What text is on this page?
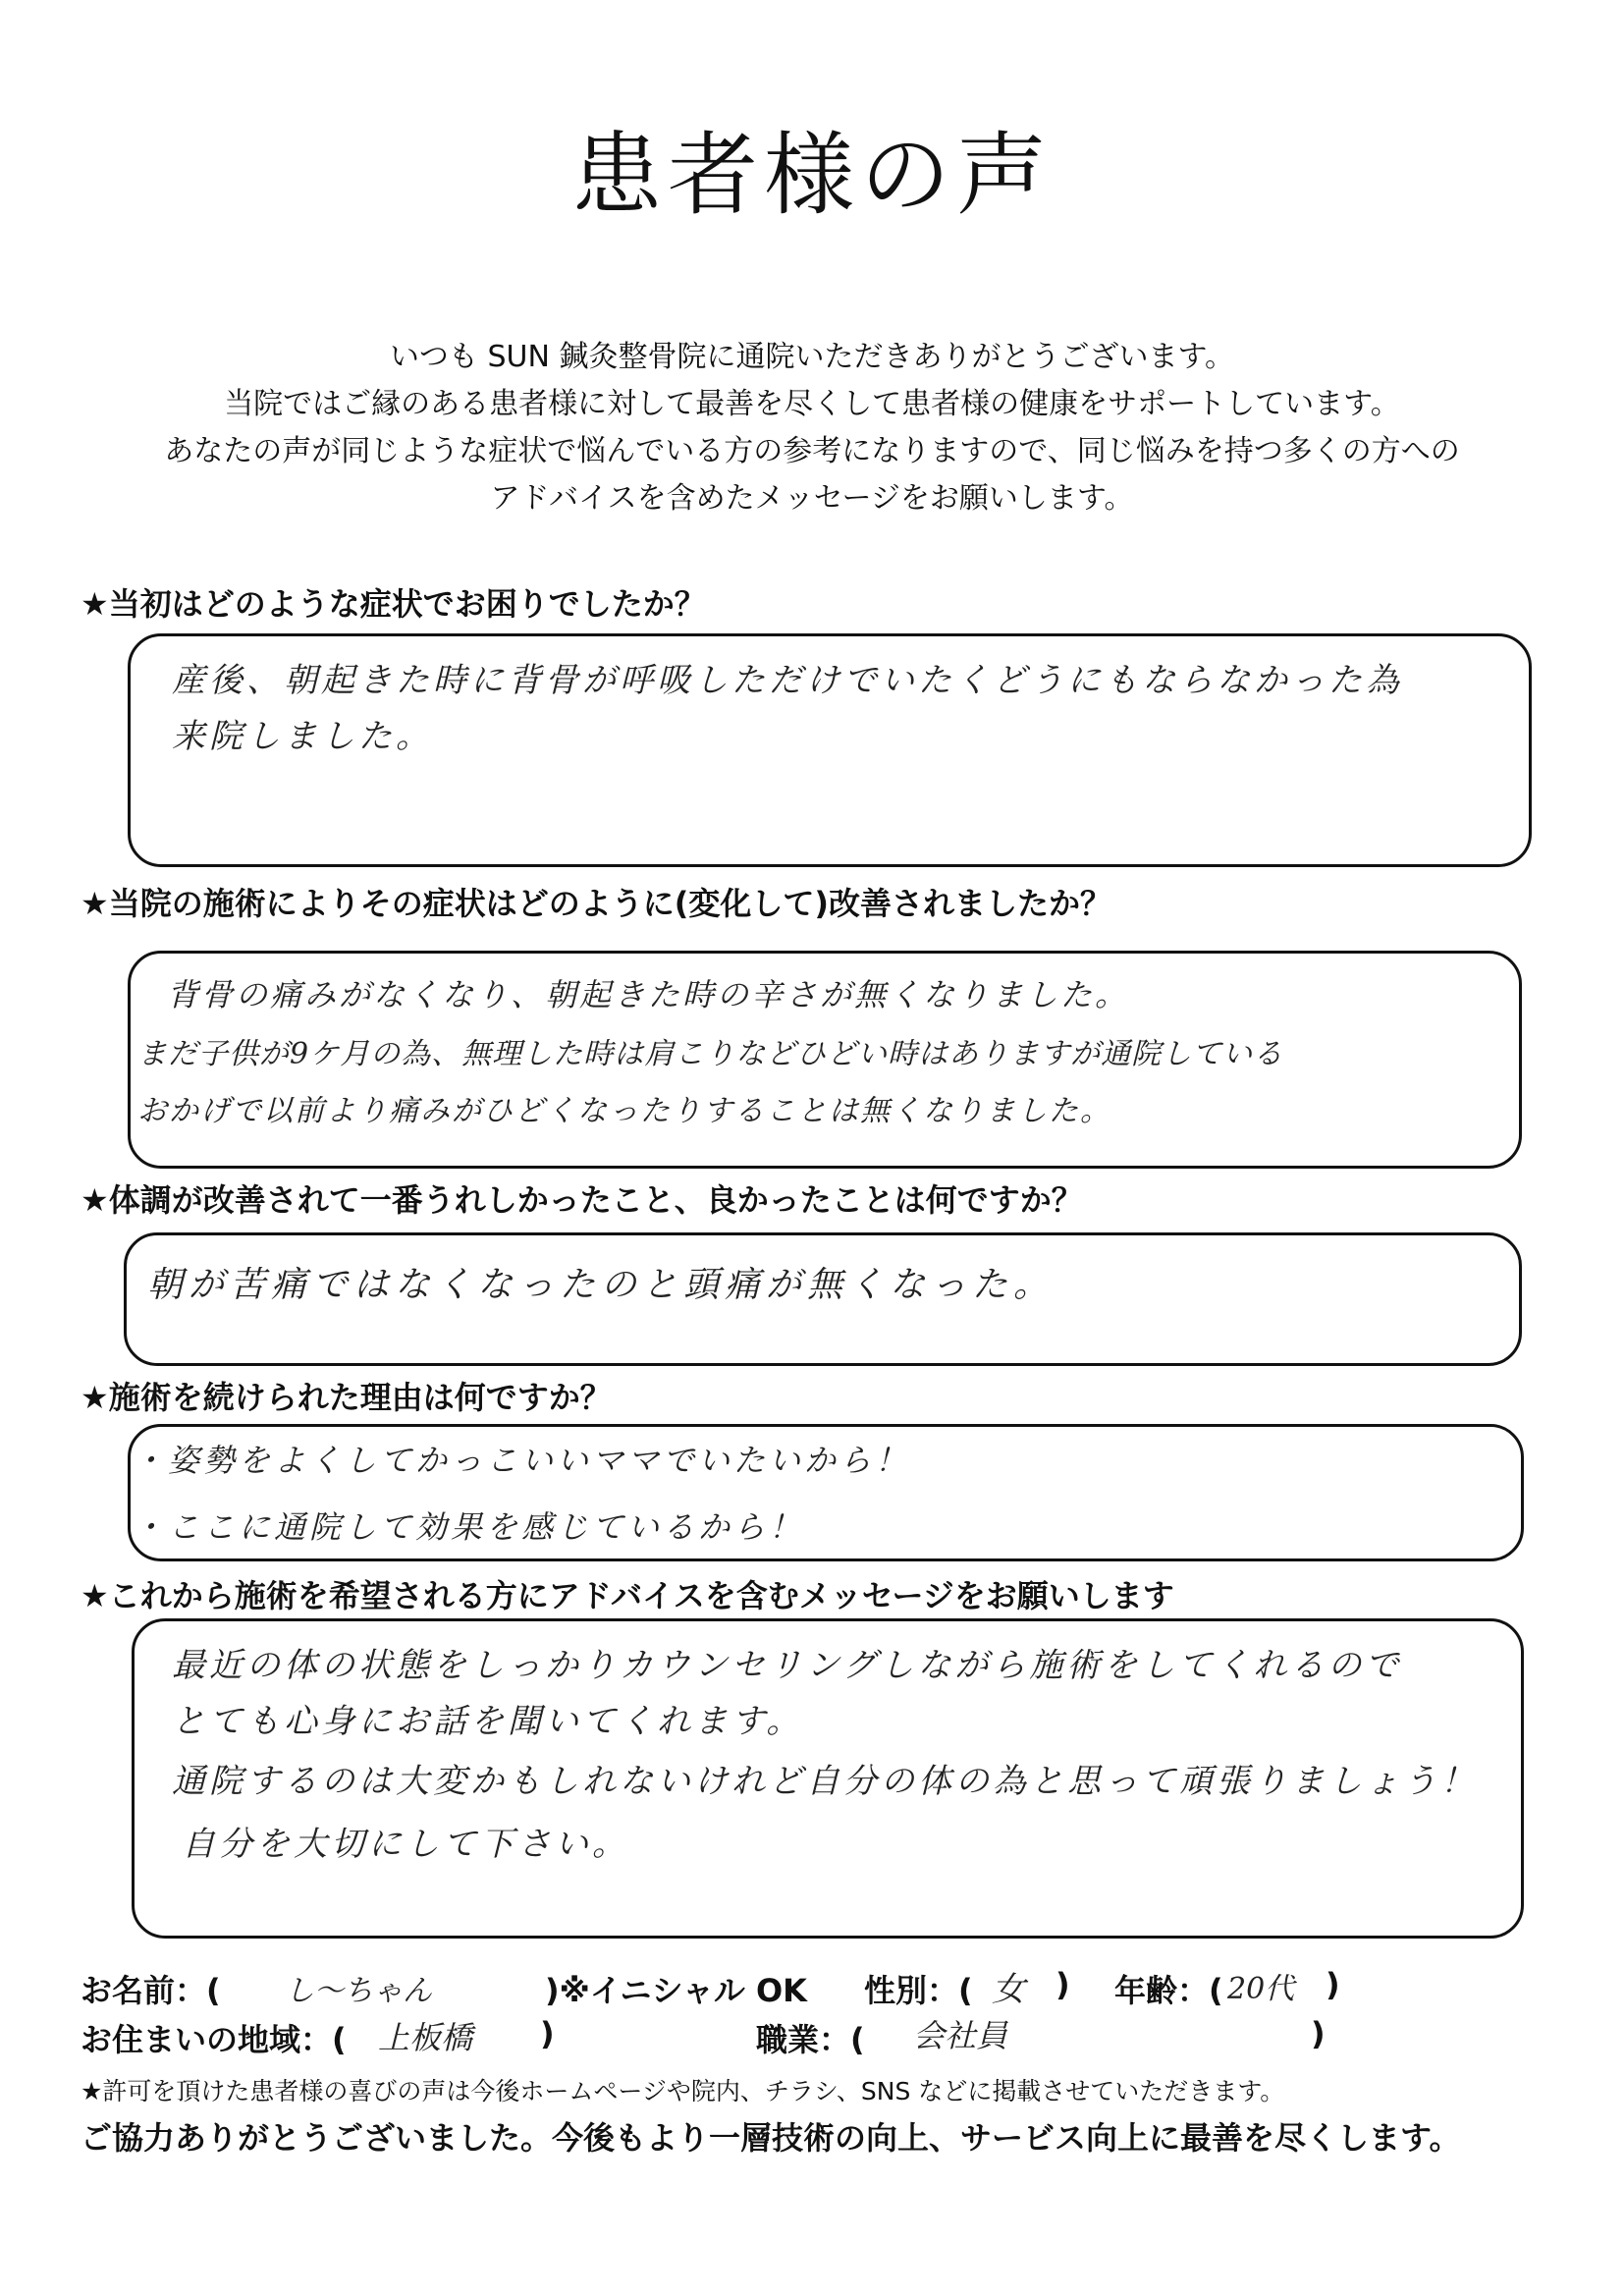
患者様の声
いつも SUN 鍼灸整骨院に通院いただきありがとうございます。
当院ではご縁のある患者様に対して最善を尽くして患者様の健康をサポートしています。
あなたの声が同じような症状で悩んでいる方の参考になりますので、同じ悩みを持つ多くの方への
アドバイスを含めたメッセージをお願いします。
★当初はどのような症状でお困りでしたか？
産後、朝起きた時に背骨が呼吸しただけでいたくどうにもならなかった為
来院しました。
★当院の施術によりその症状はどのように(変化して)改善されましたか？
背骨の痛みがなくなり、朝起きた時の辛さが無くなりました。
まだ子供が9ケ月の為、無理した時は肩こりなどひどい時はありますが通院している
おかげで以前より痛みがひどくなったりすることは無くなりました。
★体調が改善されて一番うれしかったこと、良かったことは何ですか？
朝が苦痛ではなくなったのと頭痛が無くなった。
★施術を続けられた理由は何ですか？
・姿勢をよくしてかっこいいママでいたいから！
・ここに通院して効果を感じているから！
★これから施術を希望される方にアドバイスを含むメッセージをお願いします
最近の体の状態をしっかりカウンセリングしながら施術をしてくれるので
とても心身にお話を聞いてくれます。
通院するのは大変かもしれないけれど自分の体の為と思って頑張りましょう！
自分を大切にして下さい。
お名前：( し～ちゃん	)※イニシャル OK 性別：( 女 ) 年齢：( 20代 )
お住まいの地域：( 上板橋 )	職業：( 会社員	)
★許可を頂けた患者様の喜びの声は今後ホームページや院内、チラシ、SNS などに掲載させていただきます。
ご協力ありがとうございました。今後もより一層技術の向上、サービス向上に最善を尽くします。
